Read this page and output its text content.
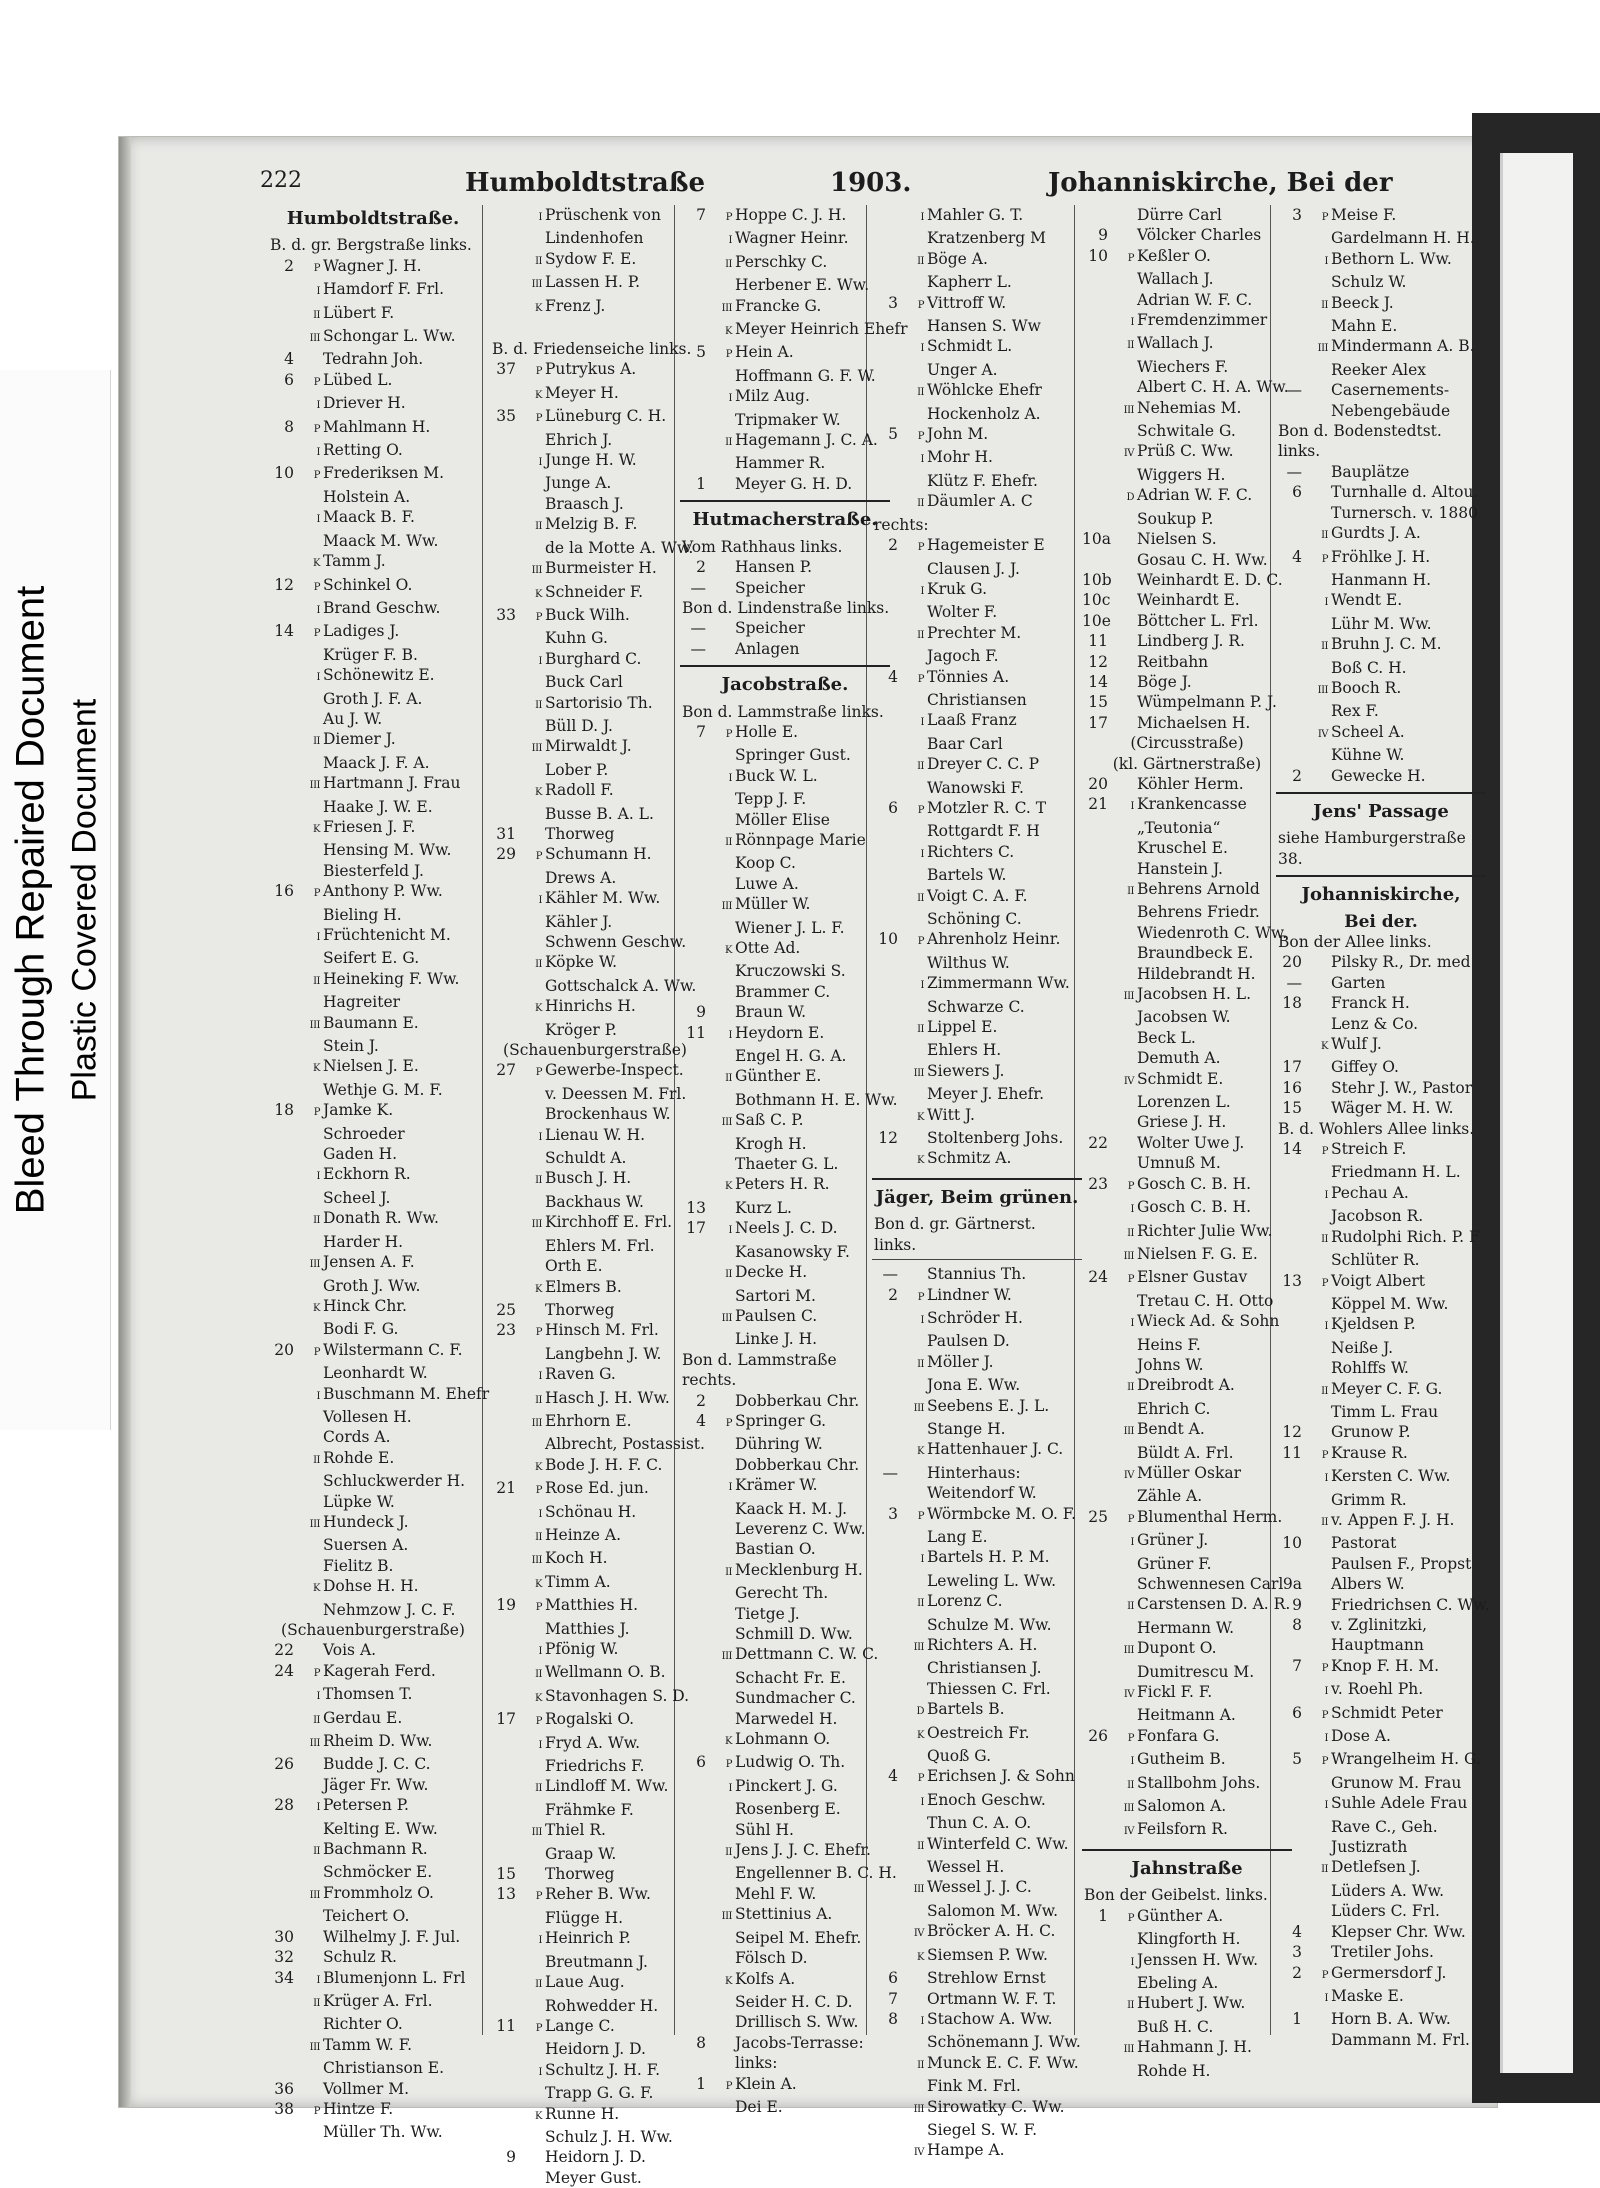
Bleed Through Repaired Document Plastic Covered Document
222	Humboldtstraße	1903.	Johanniskirche, Bei der
Humboldtstraße.
B. d. gr. Bergstraße links.
2	P Wagner J. H.
I Hamdorf F. Frl.
II Lübert F.
III Schongar L. Ww.
4 Tedrahn Joh.
6	P Lübed L.
I Driever H.
8	P Mahlmann H.
I Retting O.
10	P Frederiksen M.
Holstein A.
I Maack B. F.
Maack M. Ww.
K Tamm J.
12	P Schinkel O.
I Brand Geschw.
14	P Ladiges J.
Krüger F. B.
I Schönewitz E.
Groth J. F. A.
Au J. W.
II Diemer J.
Maack J. F. A.
III Hartmann J. Frau
Haake J. W. E.
K Friesen J. F.
Hensing M. Ww.
Biesterfeld J.
16	P Anthony P. Ww.
Bieling H.
I Früchtenicht M.
Seifert E. G.
II Heineking F. Ww.
Hagreiter
III Baumann E.
Stein J.
K Nielsen J. E.
Wethje G. M. F.
18	P Jamke K.
Schroeder
Gaden H.
I Eckhorn R.
Scheel J.
II Donath R. Ww.
Harder H.
III Jensen A. F.
Groth J. Ww.
K Hinck Chr.
Bodi F. G.
20	P Wilstermann C. F.
Leonhardt W.
I Buschmann M. Ehefr
Vollesen H.
Cords A.
II Rohde E.
Schluckwerder H.
Lüpke W.
III Hundeck J.
Suersen A.
Fielitz B.
K Dohse H. H.
Nehmzow J. C. F.
(Schauenburgerstraße)
22 Vois A.
24	P Kagerah Ferd.
I Thomsen T.
II Gerdau E.
III Rheim D. Ww.
26 Budde J. C. C.
Jäger Fr. Ww.
28	I Petersen P.
Kelting E. Ww.
II Bachmann R.
Schmöcker E.
III Frommholz O.
Teichert O.
30 Wilhelmy J. F. Jul.
32 Schulz R.
34	I Blumenjonn L. Frl
II Krüger A. Frl.
Richter O.
III Tamm W. F.
Christianson E.
36 Vollmer M.
38	P Hintze F.
Müller Th. Ww.
I Prüschenk von
Lindenhofen
II Sydow F. E.
III Lassen H. P.
K Frenz J.
B. d. Friedenseiche links.
37	P Putrykus A.
K Meyer H.
35	P Lüneburg C. H.
Ehrich J.
I Junge H. W.
Junge A.
Braasch J.
II Melzig B. F.
de la Motte A. Ww.
III Burmeister H.
K Schneider F.
33	P Buck Wilh.
Kuhn G.
I Burghard C.
Buck Carl
II Sartorisio Th.
Büll D. J.
III Mirwaldt J.
Lober P.
K Radoll F.
Busse B. A. L.
31 Thorweg
29	P Schumann H.
Drews A.
I Kähler M. Ww.
Kähler J.
Schwenn Geschw.
II Köpke W.
Gottschalck A. Ww.
K Hinrichs H.
Kröger P.
(Schauenburgerstraße)
27	P Gewerbe-Inspect.
v. Deessen M. Frl.
Brockenhaus W.
I Lienau W. H.
Schuldt A.
II Busch J. H.
Backhaus W.
III Kirchhoff E. Frl.
Ehlers M. Frl.
Orth E.
K Elmers B.
25 Thorweg
23	P Hinsch M. Frl.
Langbehn J. W.
I Raven G.
II Hasch J. H. Ww.
III Ehrhorn E.
Albrecht, Postassist.
K Bode J. H. F. C.
21	P Rose Ed. jun.
I Schönau H.
II Heinze A.
III Koch H.
K Timm A.
19	P Matthies H.
Matthies J.
I Pfönig W.
II Wellmann O. B.
K Stavonhagen S. D.
17	P Rogalski O.
I Fryd A. Ww.
Friedrichs F.
II Lindloff M. Ww.
Frähmke F.
III Thiel R.
Graap W.
15 Thorweg
13	P Reher B. Ww.
Flügge H.
I Heinrich P.
Breutmann J.
II Laue Aug.
Rohwedder H.
11	P Lange C.
Heidorn J. D.
I Schultz J. H. F.
Trapp G. G. F.
K Runne H.
Schulz J. H. Ww.
9 Heidorn J. D.
Meyer Gust.
7	P Hoppe C. J. H.
I Wagner Heinr.
II Perschky C.
Herbener E. Ww.
III Francke G.
K Meyer Heinrich Ehefr
5	P Hein A.
Hoffmann G. F. W.
I Milz Aug.
Tripmaker W.
II Hagemann J. C. A.
Hammer R.
1 Meyer G. H. D.
Hutmacherstraße.
Vom Rathhaus links.
2 Hansen P.
— Speicher
Bon d. Lindenstraße links.
— Speicher
— Anlagen
Jacobstraße.
Bon d. Lammstraße links.
7	P Holle E.
Springer Gust.
I Buck W. L.
Tepp J. F.
Möller Elise
II Rönnpage Marie
Koop C.
Luwe A.
III Müller W.
Wiener J. L. F.
K Otte Ad.
Kruczowski S.
Brammer C.
9 Braun W.
11	I Heydorn E.
Engel H. G. A.
II Günther E.
Bothmann H. E. Ww.
III Saß C. P.
Krogh H.
Thaeter G. L.
K Peters H. R.
13 Kurz L.
17	I Neels J. C. D.
Kasanowsky F.
II Decke H.
Sartori M.
III Paulsen C.
Linke J. H.
Bon d. Lammstraße rechts.
2 Dobberkau Chr.
4	P Springer G.
Dühring W.
Dobberkau Chr.
I Krämer W.
Kaack H. M. J.
Leverenz C. Ww.
Bastian O.
II Mecklenburg H.
Gerecht Th.
Tietge J.
Schmill D. Ww.
III Dettmann C. W. C.
Schacht Fr. E.
Sundmacher C.
Marwedel H.
K Lohmann O.
6	P Ludwig O. Th.
I Pinckert J. G.
Rosenberg E.
Sühl H.
II Jens J. J. C. Ehefr.
Engellenner B. C. H.
Mehl F. W.
III Stettinius A.
Seipel M. Ehefr.
Fölsch D.
K Kolfs A.
Seider H. C. D.
Drillisch S. Ww.
8 Jacobs-Terrasse:
links:
1	P Klein A.
Dei E.
I Mahler G. T.
Kratzenberg M
II Böge A.
Kapherr L.
3	P Vittroff W.
Hansen S. Ww
I Schmidt L.
Unger A.
II Wöhlcke Ehefr
Hockenholz A.
5	P John M.
I Mohr H.
Klütz F. Ehefr.
II Däumler A. C
rechts:
2	P Hagemeister E
Clausen J. J.
I Kruk G.
Wolter F.
II Prechter M.
Jagoch F.
4	P Tönnies A.
Christiansen
I Laaß Franz
Baar Carl
II Dreyer C. C. P
Wanowski F.
6	P Motzler R. C. T
Rottgardt F. H
I Richters C.
Bartels W.
II Voigt C. A. F.
Schöning C.
10	P Ahrenholz Heinr.
Wilthus W.
I Zimmermann Ww.
Schwarze C.
II Lippel E.
Ehlers H.
III Siewers J.
Meyer J. Ehefr.
K Witt J.
12 Stoltenberg Johs.
K Schmitz A.
Jäger, Beim grünen.
Bon d. gr. Gärtnerst. links.
— Stannius Th.
2	P Lindner W.
I Schröder H.
Paulsen D.
II Möller J.
Jona E. Ww.
III Seebens E. J. L.
Stange H.
K Hattenhauer J. C.
— Hinterhaus:
Weitendorf W.
3	P Wörmbcke M. O. F.
Lang E.
I Bartels H. P. M.
Leweling L. Ww.
II Lorenz C.
Schulze M. Ww.
III Richters A. H.
Christiansen J.
Thiessen C. Frl.
D Bartels B.
K Oestreich Fr.
Quoß G.
4	P Erichsen J. & Sohn
I Enoch Geschw.
Thun C. A. O.
II Winterfeld C. Ww.
Wessel H.
III Wessel J. J. C.
Salomon M. Ww.
IV Bröcker A. H. C.
K Siemsen P. Ww.
6 Strehlow Ernst
7 Ortmann W. F. T.
8	I Stachow A. Ww.
Schönemann J. Ww.
II Munck E. C. F. Ww.
Fink M. Frl.
III Sirowatky C. Ww.
Siegel S. W. F.
IV Hampe A.
Dürre Carl
9 Völcker Charles
10	P Keßler O.
Wallach J.
Adrian W. F. C.
I Fremdenzimmer
II Wallach J.
Wiechers F.
Albert C. H. A. Ww.
III Nehemias M.
Schwitale G.
IV Prüß C. Ww.
Wiggers H.
D Adrian W. F. C.
Soukup P.
10a Nielsen S.
Gosau C. H. Ww.
10b Weinhardt E. D. C.
10c Weinhardt E.
10e Böttcher L. Frl.
11 Lindberg J. R.
12 Reitbahn
14 Böge J.
15 Wümpelmann P. J.
17 Michaelsen H.
(Circusstraße)
(kl. Gärtnerstraße)
20 Köhler Herm.
21	I Krankencasse
„Teutonia“
Kruschel E.
Hanstein J.
II Behrens Arnold
Behrens Friedr.
Wiedenroth C. Ww.
Braundbeck E.
Hildebrandt H.
III Jacobsen H. L.
Jacobsen W.
Beck L.
Demuth A.
IV Schmidt E.
Lorenzen L.
Griese J. H.
22 Wolter Uwe J.
Umnuß M.
23	P Gosch C. B. H.
I Gosch C. B. H.
II Richter Julie Ww.
III Nielsen F. G. E.
24	P Elsner Gustav
Tretau C. H. Otto
I Wieck Ad. & Sohn
Heins F.
Johns W.
II Dreibrodt A.
Ehrich C.
III Bendt A.
Büldt A. Frl.
IV Müller Oskar
Zähle A.
25	P Blumenthal Herm.
I Grüner J.
Grüner F.
Schwennesen Carl
II Carstensen D. A. R.
Hermann W.
III Dupont O.
Dumitrescu M.
IV Fickl F. F.
Heitmann A.
26	P Fonfara G.
I Gutheim B.
II Stallbohm Johs.
III Salomon A.
IV Feilsforn R.
Jahnstraße
Bon der Geibelst. links.
1	P Günther A.
Klingforth H.
I Jenssen H. Ww.
Ebeling A.
II Hubert J. Ww.
Buß H. C.
III Hahmann J. H.
Rohde H.
3	P Meise F.
Gardelmann H. H.
I Bethorn L. Ww.
Schulz W.
II Beeck J.
Mahn E.
III Mindermann A. B.
Reeker Alex
— Casernements-
Nebengebäude
Bon d. Bodenstedtst. links.
— Bauplätze
6 Turnhalle d. Altou.
Turnersch. v. 1880
II Gurdts J. A.
4	P Fröhlke J. H.
Hanmann H.
I Wendt E.
Lühr M. Ww.
II Bruhn J. C. M.
Boß C. H.
III Booch R.
Rex F.
IV Scheel A.
Kühne W.
2 Gewecke H.
Jens' Passage
siehe Hamburgerstraße 38.
Johanniskirche,
Bei der.
Bon der Allee links.
20 Pilsky R., Dr. med
— Garten
18 Franck H.
Lenz & Co.
K Wulf J.
17 Giffey O.
16 Stehr J. W., Pastor
15 Wäger M. H. W.
B. d. Wohlers Allee links.
14	P Streich F.
Friedmann H. L.
I Pechau A.
Jacobson R.
II Rudolphi Rich. P. F
Schlüter R.
13	P Voigt Albert
Köppel M. Ww.
I Kjeldsen P.
Neiße J.
Rohlffs W.
II Meyer C. F. G.
Timm L. Frau
12 Grunow P.
11	P Krause R.
I Kersten C. Ww.
Grimm R.
II v. Appen F. J. H.
10 Pastorat
Paulsen F., Propst
9a Albers W.
9 Friedrichsen C. Ww.
8 v. Zglinitzki,
Hauptmann
7	P Knop F. H. M.
I v. Roehl Ph.
6	P Schmidt Peter
I Dose A.
5	P Wrangelheim H. G.
Grunow M. Frau
I Suhle Adele Frau
Rave C., Geh.
Justizrath
II Detlefsen J.
Lüders A. Ww.
Lüders C. Frl.
4 Klepser Chr. Ww.
3 Tretiler Johs.
2	P Germersdorf J.
I Maske E.
1 Horn B. A. Ww.
Dammann M. Frl.
